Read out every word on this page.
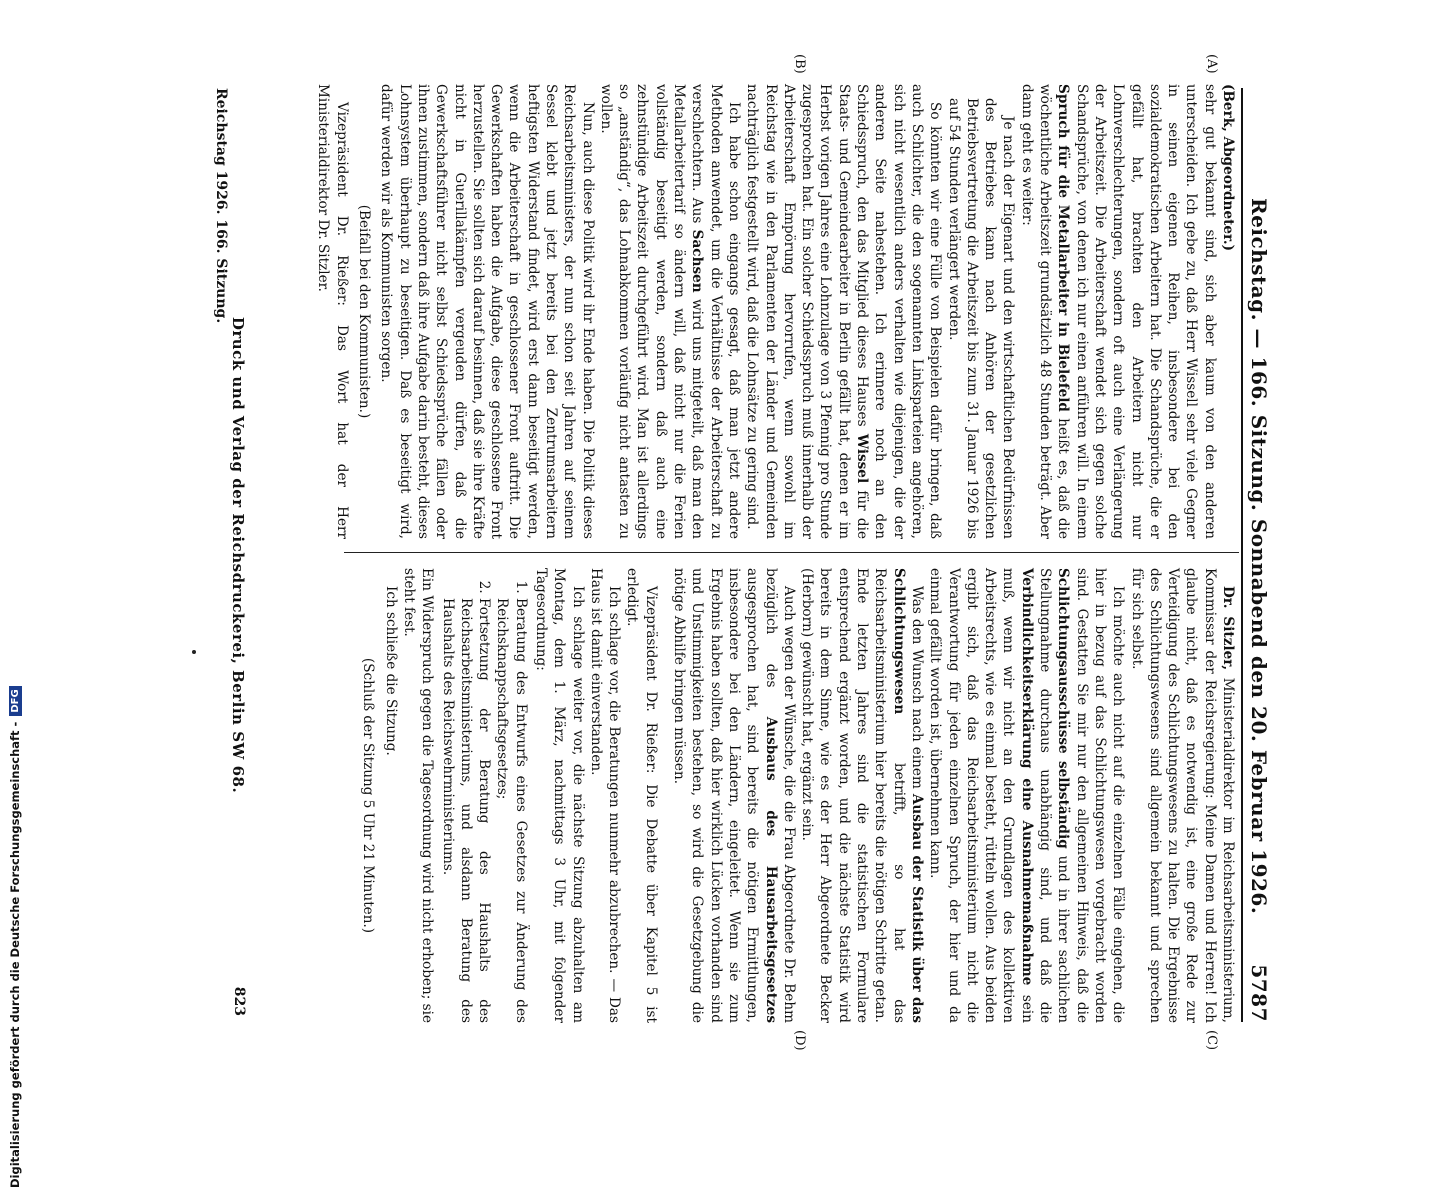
Reichstag. — 166. Sitzung. Sonnabend den 20. Februar 1926.
5787
(A)
(B)
(C)
(D)

(Berk, Abgeordneter.)

sehr gut bekannt sind, sich aber kaum von den anderen unterscheiden. Ich gebe zu, daß Herr Wissell sehr viele Gegner in seinen eigenen Reihen, insbesondere bei den sozialdemokratischen Arbeitern hat. Die Schandsprüche, die er gefällt hat, brachten den Arbeitern nicht nur Lohnverschlechterungen, sondern oft auch eine Verlängerung der Arbeitszeit. Die Arbeiterschaft wendet sich gegen solche Schandsprüche, von denen ich nur einen anführen will. In einem Spruch für die Metallarbeiter in Bielefeld heißt es, daß die wöchentliche Arbeitszeit grundsätzlich 48 Stunden beträgt. Aber dann geht es weiter:

Je nach der Eigenart und den wirtschaftlichen Bedürfnissen des Betriebes kann nach Anhören der gesetzlichen Betriebsvertretung die Arbeitszeit bis zum 31. Januar 1926 bis auf 54 Stunden verlängert werden.

So könnten wir eine Fülle von Beispielen dafür bringen, daß auch Schlichter, die den sogenannten Linksparteien angehören, sich nicht wesentlich anders verhalten wie diejenigen, die der anderen Seite nahestehen. Ich erinnere noch an den Schiedsspruch, den das Mitglied dieses Hauses Wissel für die Staats- und Gemeindearbeiter in Berlin gefällt hat, denen er im Herbst vorigen Jahres eine Lohnzulage von 3 Pfennig pro Stunde zugesprochen hat. Ein solcher Schiedsspruch muß innerhalb der Arbeiterschaft Empörung hervorrufen, wenn sowohl im Reichstag wie in den Parlamenten der Länder und Gemeinden nachträglich festgestellt wird, daß die Lohnsätze zu gering sind.

Ich habe schon eingangs gesagt, daß man jetzt andere Methoden anwendet, um die Verhältnisse der Arbeiterschaft zu verschlechtern. Aus Sachsen wird uns mitgeteilt, daß man den Metallarbeitertarif so ändern will, daß nicht nur die Ferien vollständig beseitigt werden, sondern daß auch eine zehnstündige Arbeitszeit durchgeführt wird. Man ist allerdings so „anständig“, das Lohnabkommen vorläufig nicht antasten zu wollen.

Nun, auch diese Politik wird ihr Ende haben. Die Politik dieses Reichsarbeitsministers, der nun schon seit Jahren auf seinem Sessel klebt und jetzt bereits bei den Zentrumsarbeitern heftigsten Widerstand findet, wird erst dann beseitigt werden, wenn die Arbeiterschaft in geschlossener Front auftritt. Die Gewerkschaften haben die Aufgabe, diese geschlossene Front herzustellen. Sie sollten sich darauf besinnen, daß sie ihre Kräfte nicht in Guerillakämpfen vergeuden dürfen, daß die Gewerkschaftsführer nicht selbst Schiedssprüche fällen oder ihnen zustimmen, sondern daß ihre Aufgabe darin besteht, dieses Lohnsystem überhaupt zu beseitigen. Daß es beseitigt wird, dafür werden wir als Kommunisten sorgen.

(Beifall bei den Kommunisten.)

Vizepräsident Dr. Rießer: Das Wort hat der Herr Ministerialdirektor Dr. Sitzler.

Dr. Sitzler, Ministerialdirektor im Reichsarbeitsministerium, Kommissar der Reichsregierung: Meine Damen und Herren! Ich glaube nicht, daß es notwendig ist, eine große Rede zur Verteidigung des Schlichtungswesens zu halten. Die Ergebnisse des Schlichtungswesens sind allgemein bekannt und sprechen für sich selbst.

Ich möchte auch nicht auf die einzelnen Fälle eingehen, die hier in bezug auf das Schlichtungswesen vorgebracht worden sind. Gestatten Sie mir nur den allgemeinen Hinweis, daß die Schlichtungsausschüsse selbständig und in ihrer sachlichen Stellungnahme durchaus unabhängig sind, und daß die Verbindlichkeitserklärung eine Ausnahmemaßnahme sein muß, wenn wir nicht an den Grundlagen des kollektiven Arbeitsrechts, wie es einmal besteht, rütteln wollen. Aus beiden ergibt sich, daß das Reichsarbeitsministerium nicht die Verantwortung für jeden einzelnen Spruch, der hier und da einmal gefällt worden ist, übernehmen kann.

Was den Wunsch nach einem Ausbau der Statistik über das Schlichtungswesen betrifft, so hat das Reichsarbeitsministerium hier bereits die nötigen Schritte getan. Ende letzten Jahres sind die statistischen Formulare entsprechend ergänzt worden, und die nächste Statistik wird bereits in dem Sinne, wie es der Herr Abgeordnete Becker (Herborn) gewünscht hat, ergänzt sein.

Auch wegen der Wünsche, die die Frau Abgeordnete Dr. Behm bezüglich des Ausbaus des Hausarbeitsgesetzes ausgesprochen hat, sind bereits die nötigen Ermittlungen, insbesondere bei den Ländern, eingeleitet. Wenn sie zum Ergebnis haben sollten, daß hier wirklich Lücken vorhanden sind und Unstimmigkeiten bestehen, so wird die Gesetzgebung die nötige Abhilfe bringen müssen.

Vizepräsident Dr. Rießer: Die Debatte über Kapitel 5 ist erledigt.

Ich schlage vor, die Beratungen nunmehr abzubrechen. — Das Haus ist damit einverstanden.

Ich schlage weiter vor, die nächste Sitzung abzuhalten am Montag, dem 1. März, nachmittags 3 Uhr, mit folgender Tagesordnung:

1. Beratung des Entwurfs eines Gesetzes zur Änderung des Reichsknappschaftsgesetzes;
2. Fortsetzung der Beratung des Haushalts des Reichsarbeitsministeriums, und alsdann Beratung des Haushalts des Reichswehrministeriums.

Ein Widerspruch gegen die Tagesordnung wird nicht erhoben; sie steht fest.

Ich schließe die Sitzung.

(Schluß der Sitzung 5 Uhr 21 Minuten.)

Druck und Verlag der Reichsdruckerei, Berlin SW 68.
Reichstag 1926. 166. Sitzung.
823
Digitalisierung gefördert durch die Deutsche Forschungsgemeinschaft -
DFG
